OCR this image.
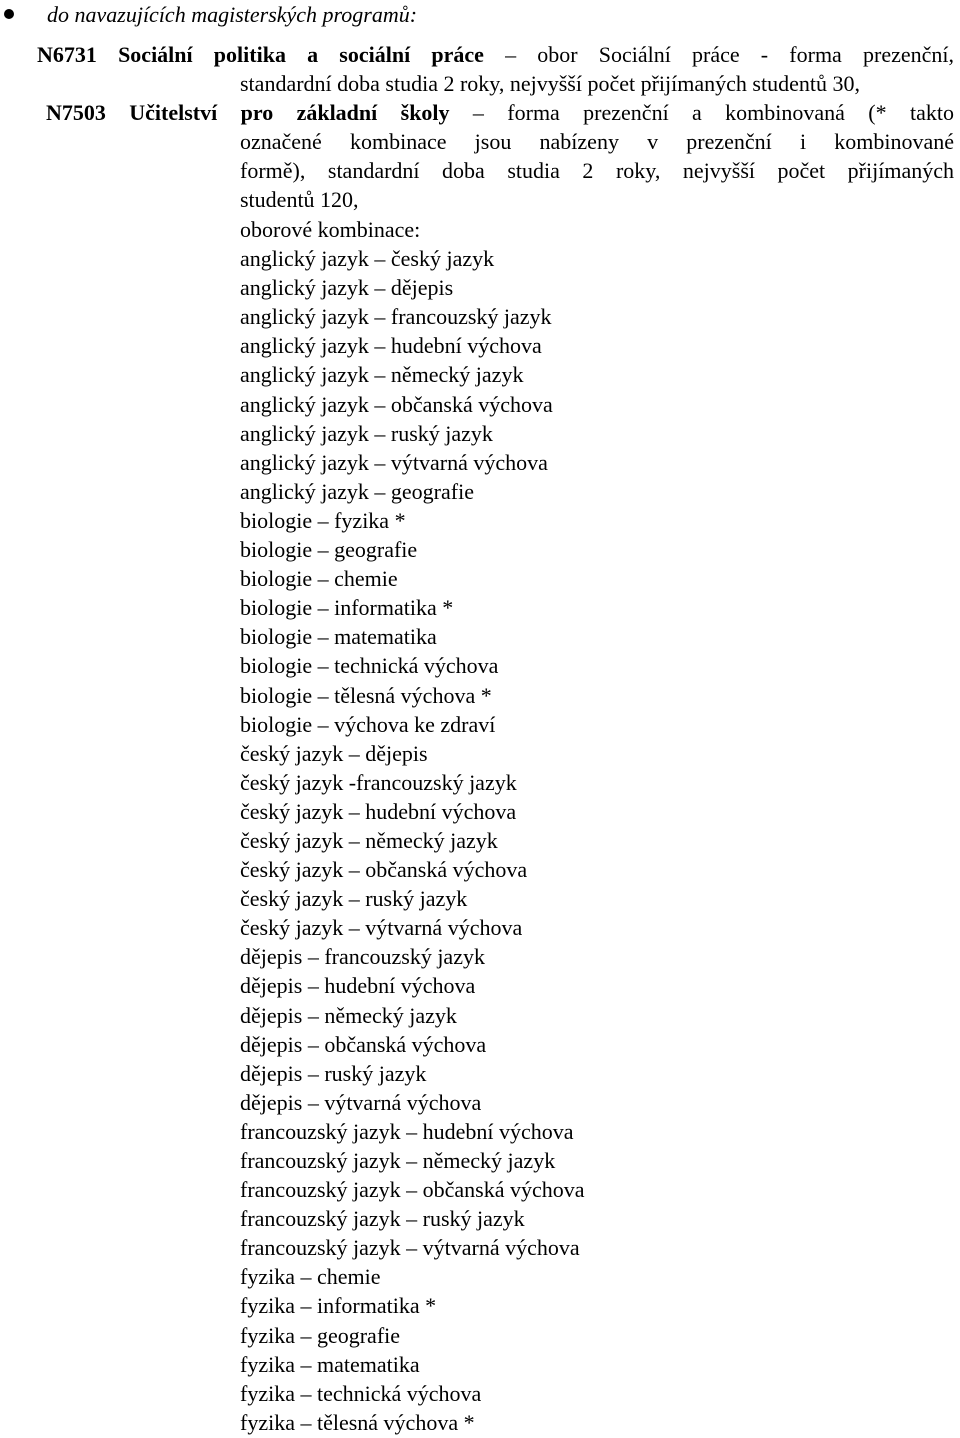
do navazujících magisterských programů:
N6731 Sociální politika a sociální práce – obor Sociální práce - forma prezenční,
standardní doba studia 2 roky, nejvyšší počet přijímaných studentů 30,
N7503 Učitelství pro základní školy – forma prezenční a kombinovaná (* takto
označené kombinace jsou nabízeny v prezenční i kombinované
formě), standardní doba studia 2 roky, nejvyšší počet přijímaných
studentů 120,
oborové kombinace:
anglický jazyk – český jazyk
anglický jazyk – dějepis
anglický jazyk – francouzský jazyk
anglický jazyk – hudební výchova
anglický jazyk – německý jazyk
anglický jazyk – občanská výchova
anglický jazyk – ruský jazyk
anglický jazyk – výtvarná výchova
anglický jazyk – geografie
biologie – fyzika *
biologie – geografie
biologie – chemie
biologie – informatika *
biologie – matematika
biologie – technická výchova
biologie – tělesná výchova *
biologie – výchova ke zdraví
český jazyk – dějepis
český jazyk -francouzský jazyk
český jazyk – hudební výchova
český jazyk – německý jazyk
český jazyk – občanská výchova
český jazyk – ruský jazyk
český jazyk – výtvarná výchova
dějepis – francouzský jazyk
dějepis – hudební výchova
dějepis – německý jazyk
dějepis – občanská výchova
dějepis – ruský jazyk
dějepis – výtvarná výchova
francouzský jazyk – hudební výchova
francouzský jazyk – německý jazyk
francouzský jazyk – občanská výchova
francouzský jazyk – ruský jazyk
francouzský jazyk – výtvarná výchova
fyzika – chemie
fyzika – informatika *
fyzika – geografie
fyzika – matematika
fyzika – technická výchova
fyzika – tělesná výchova *
